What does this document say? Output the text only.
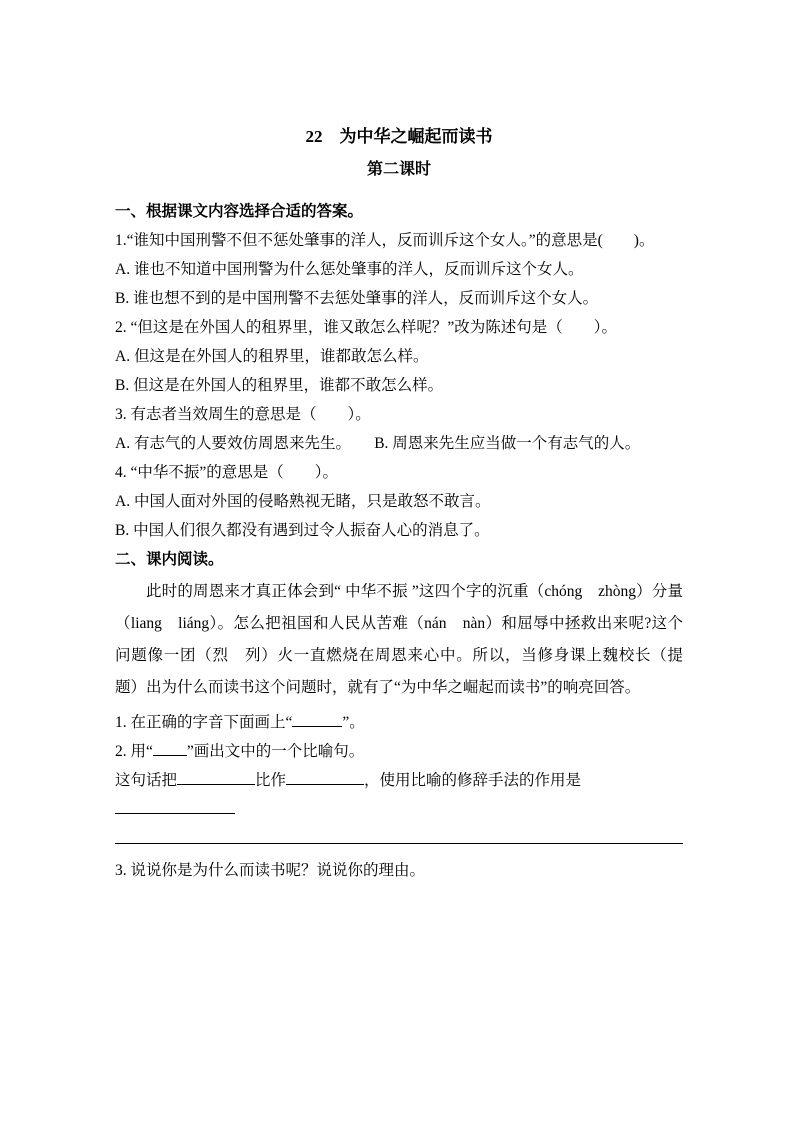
22　为中华之崛起而读书
第二课时
一、根据课文内容选择合适的答案。
1.“谁知中国刑警不但不惩处肇事的洋人，反而训斥这个女人。”的意思是(　　)。
A. 谁也不知道中国刑警为什么惩处肇事的洋人，反而训斥这个女人。
B. 谁也想不到的是中国刑警不去惩处肇事的洋人，反而训斥这个女人。
2. “但这是在外国人的租界里，谁又敢怎么样呢？”改为陈述句是（　　）。
A. 但这是在外国人的租界里，谁都敢怎么样。
B. 但这是在外国人的租界里，谁都不敢怎么样。
3. 有志者当效周生的意思是（　　）。
A. 有志气的人要效仿周恩来先生。　　B. 周恩来先生应当做一个有志气的人。
4. “中华不振”的意思是（　　）。
A. 中国人面对外国的侵略熟视无睹，只是敢怒不敢言。
B. 中国人们很久都没有遇到过令人振奋人心的消息了。
二、课内阅读。
此时的周恩来才真正体会到“ 中华不振 ”这四个字的沉重（chóng　zhòng）分量（liang　liáng）。怎么把祖国和人民从苦难（nán　nàn）和屈辱中拯救出来呢?这个问题像一团（烈　列）火一直燃烧在周恩来心中。所以，当修身课上魏校长（提　题）出为什么而读书这个问题时，就有了“为中华之崛起而读书”的响亮回答。
1. 在正确的字音下面画上“	”。
2. 用“ ”画出文中的一个比喻句。
这句话把	比作	，使用比喻的修辞手法的作用是
3. 说说你是为什么而读书呢？说说你的理由。
